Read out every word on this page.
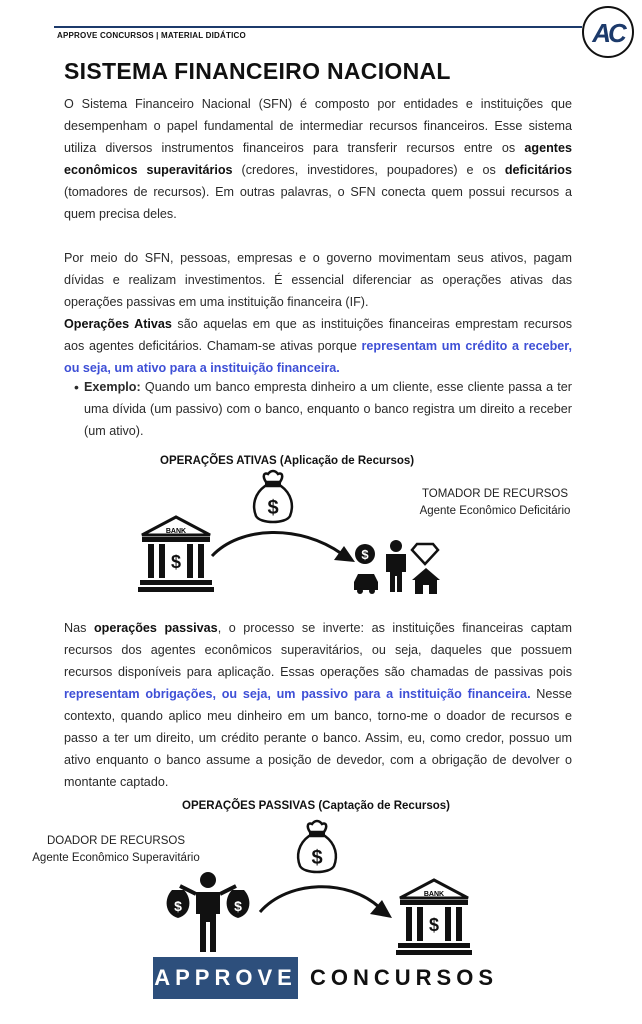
APPROVE CONCURSOS | MATERIAL DIDÁTICO	AC
SISTEMA FINANCEIRO NACIONAL
O Sistema Financeiro Nacional (SFN) é composto por entidades e instituições que desempenham o papel fundamental de intermediar recursos financeiros. Esse sistema utiliza diversos instrumentos financeiros para transferir recursos entre os agentes econômicos superavitários (credores, investidores, poupadores) e os deficitários (tomadores de recursos). Em outras palavras, o SFN conecta quem possui recursos a quem precisa deles.
Por meio do SFN, pessoas, empresas e o governo movimentam seus ativos, pagam dívidas e realizam investimentos. É essencial diferenciar as operações ativas das operações passivas em uma instituição financeira (IF).
Operações Ativas são aquelas em que as instituições financeiras emprestam recursos aos agentes deficitários. Chamam-se ativas porque representam um crédito a receber, ou seja, um ativo para a instituição financeira.
• Exemplo: Quando um banco empresta dinheiro a um cliente, esse cliente passa a ter uma dívida (um passivo) com o banco, enquanto o banco registra um direito a receber (um ativo).
OPERAÇÕES ATIVAS (Aplicação de Recursos)
TOMADOR DE RECURSOS
Agente Econômico Deficitário
BANK
$
$
$
Nas operações passivas, o processo se inverte: as instituições financeiras captam recursos dos agentes econômicos superavitários, ou seja, daqueles que possuem recursos disponíveis para aplicação. Essas operações são chamadas de passivas pois representam obrigações, ou seja, um passivo para a instituição financeira. Nesse contexto, quando aplico meu dinheiro em um banco, torno-me o doador de recursos e passo a ter um direito, um crédito perante o banco. Assim, eu, como credor, possuo um ativo enquanto o banco assume a posição de devedor, com a obrigação de devolver o montante captado.
OPERAÇÕES PASSIVAS (Captação de Recursos)
DOADOR DE RECURSOS
Agente Econômico Superavitário	$
$	$
BANK
$
APPROVE CONCURSOS
